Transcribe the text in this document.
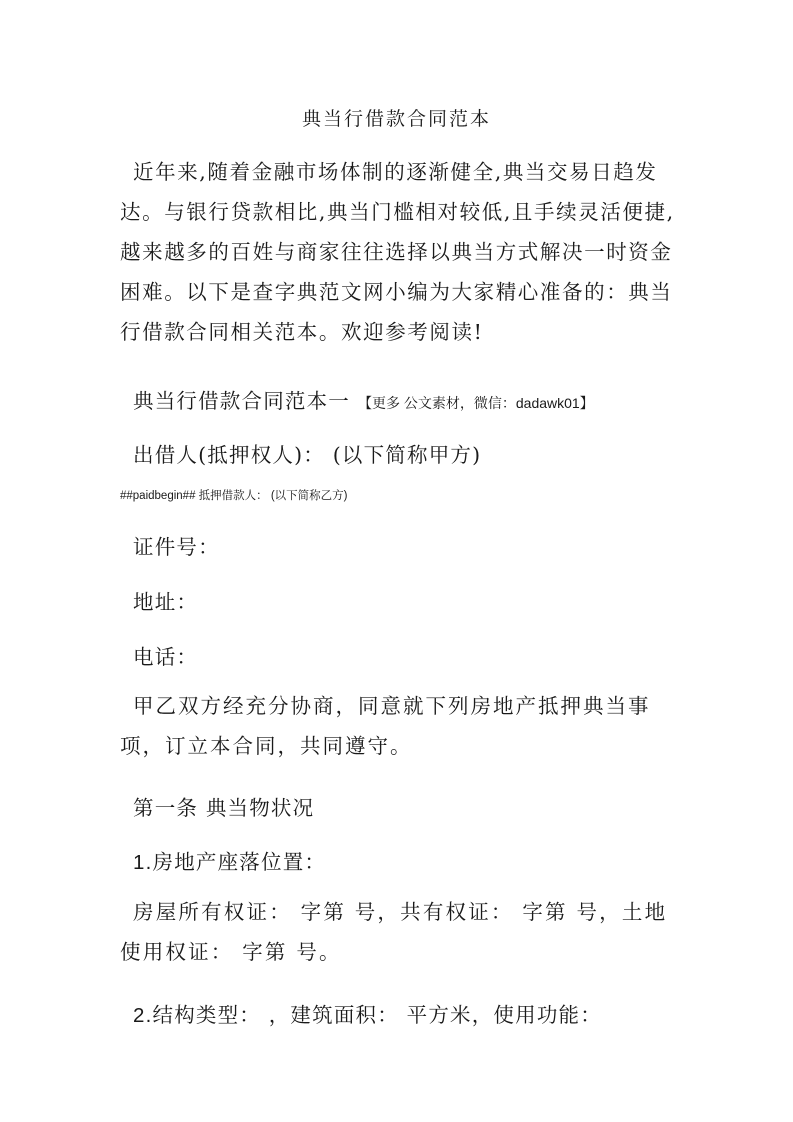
典当行借款合同范本
近年来,随着金融市场体制的逐渐健全,典当交易日趋发达。与银行贷款相比,典当门槛相对较低,且手续灵活便捷,越来越多的百姓与商家往往选择以典当方式解决一时资金困难。以下是查字典范文网小编为大家精心准备的：典当行借款合同相关范本。欢迎参考阅读!
典当行借款合同范本一 【更多 公文素材，微信：dadawk01】
出借人(抵押权人)： (以下简称甲方)
##paidbegin## 抵押借款人： (以下简称乙方)
证件号：
地址：
电话：
甲乙双方经充分协商，同意就下列房地产抵押典当事项，订立本合同，共同遵守。
第一条 典当物状况
1.房地产座落位置：
房屋所有权证： 字第 号，共有权证： 字第 号，土地使用权证： 字第 号。
2.结构类型： ，建筑面积： 平方米，使用功能：
